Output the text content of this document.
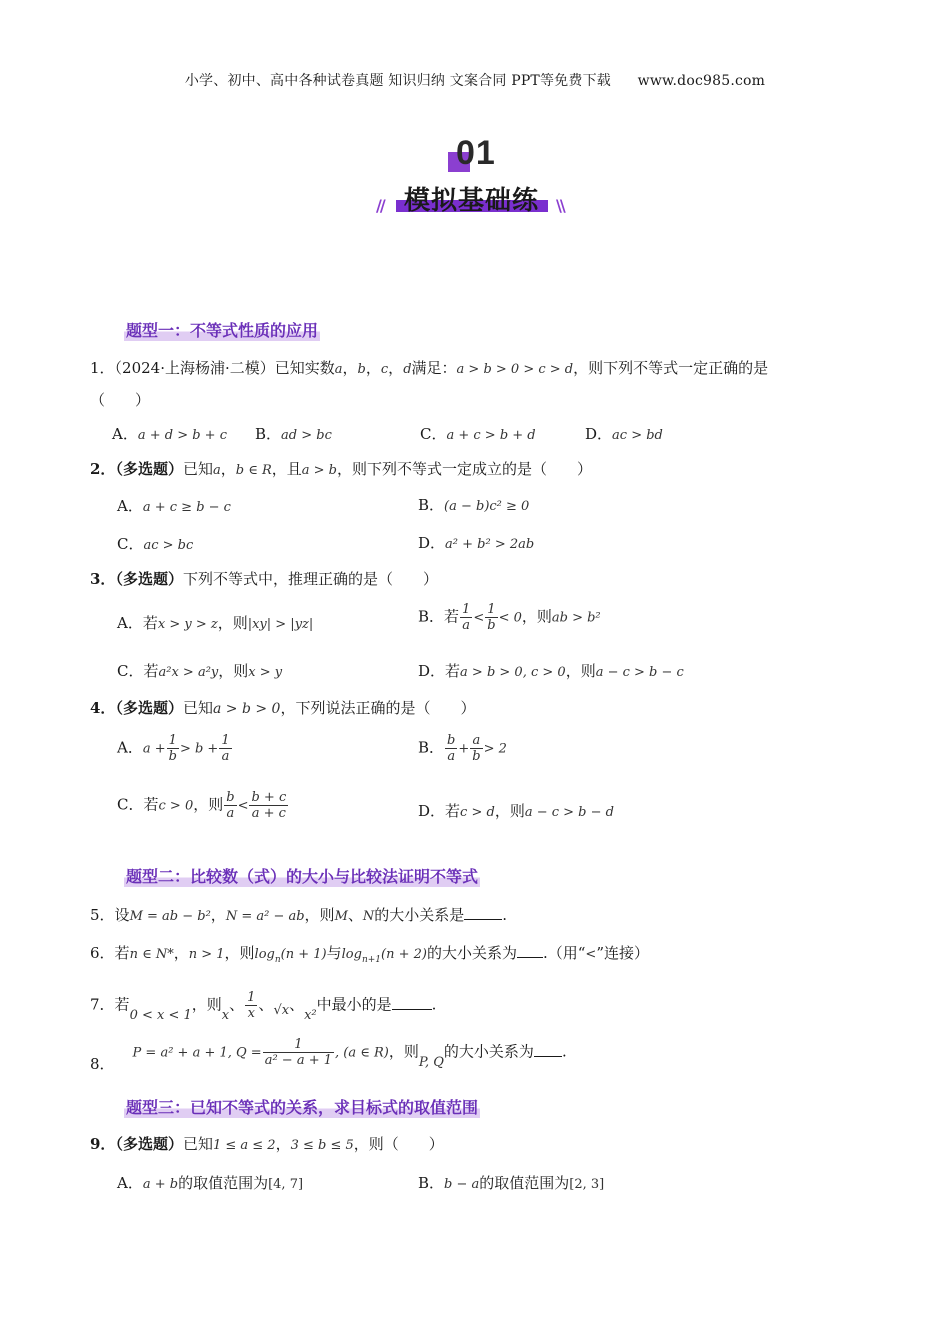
小学、初中、高中各种试卷真题 知识归纳 文案合同 PPT等免费下载 www.doc985.com
01
// 模拟基础练 \\
题型一：不等式性质的应用
1．（2024·上海杨浦·二模）已知实数a，b，c，d满足：a > b > 0 > c > d，则下列不等式一定正确的是
（　　）
A．a + d > b + c B．ad > bc	C．a + c > b + d	D．ac > bd
2．（多选题）已知a，b ∈ R，且a > b，则下列不等式一定成立的是（　　）
A．a + c ≥ b − c	B．(a − b)c² ≥ 0
C．ac > bc	D．a² + b² > 2ab
3．（多选题）下列不等式中，推理正确的是（　　）
A．若x > y > z，则|xy| > |yz|	B．若 $\frac{1}{a} < \frac{1}{b} < 0$，则ab > b²
C．若a²x > a²y，则x > y	D．若a > b > 0, c > 0，则a − c > b − c
4．（多选题）已知a > b > 0，下列说法正确的是（　　）
A．$a + \frac{1}{b} > b + \frac{1}{a}$	B． $\frac{b}{a} + \frac{a}{b} > 2$
C．若c > 0，则 $\frac{b}{a} < \frac{b + c}{a + c}$	D．若c > d，则a − c > b − d
题型二：比较数（式）的大小与比较法证明不等式
5．设M = ab − b²，N = a² − ab，则M、N的大小关系是	.
6．若n ∈ N*，n > 1，则$\log_n(n + 1)$与$\log_{n+1}(n + 2)$的大小关系为 .（用“<”连接）
7．若0 < x < 1，则x、 $\frac{1}{x}$ 、√x、x²中最小的是	.
8．P = a² + a + 1, $Q = \frac{1}{\text{a² − a + 1}}$ , (a ∈ R)，则P, Q的大小关系为 .
题型三：已知不等式的关系，求目标式的取值范围
9．（多选题）已知1 ≤ a ≤ 2，3 ≤ b ≤ 5，则（　　）
A．a + b的取值范围为[4, 7]	B．b − a的取值范围为[2, 3]
